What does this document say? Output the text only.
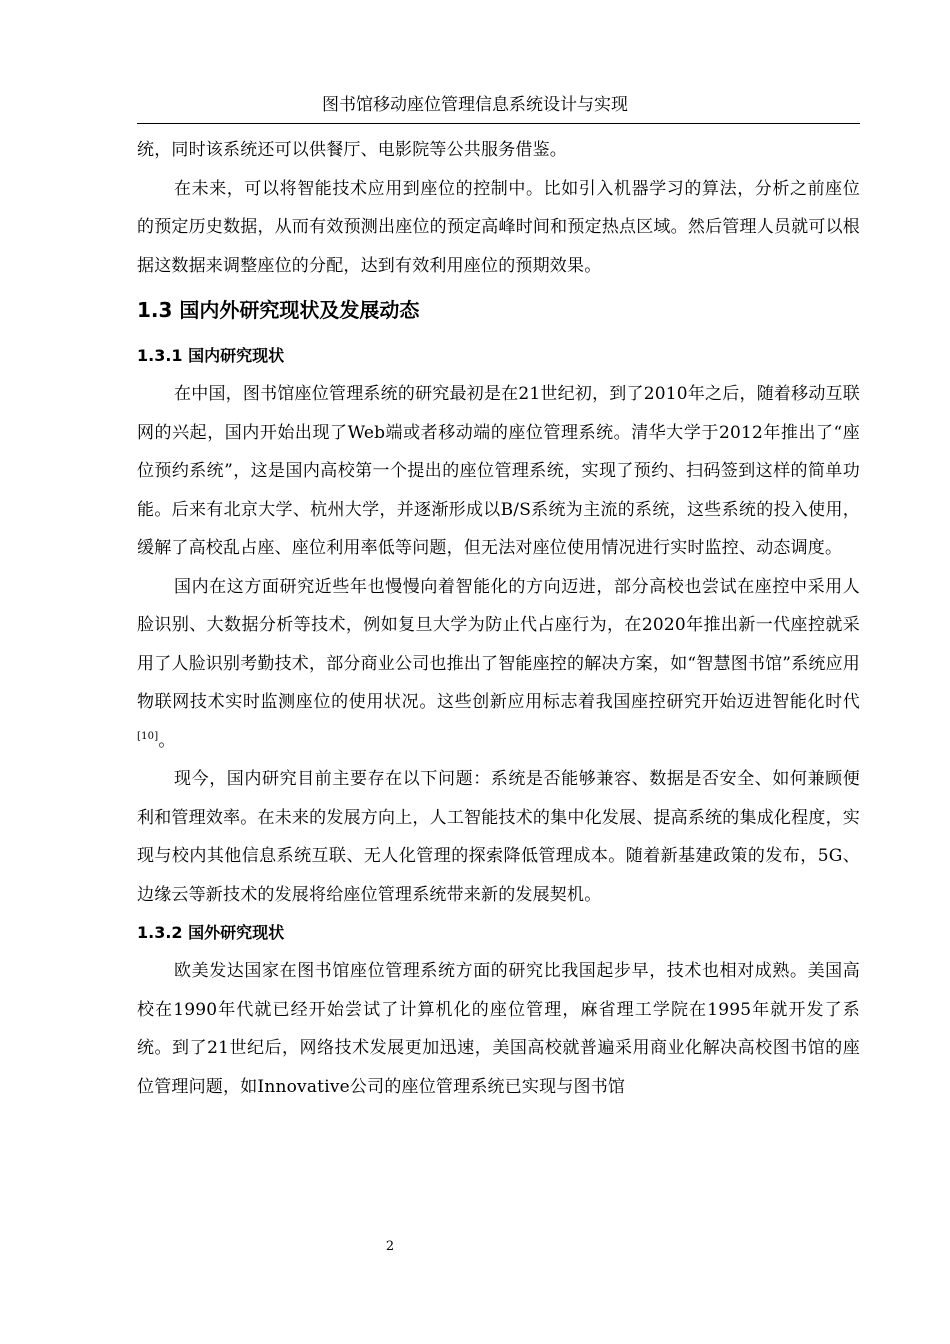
图书馆移动座位管理信息系统设计与实现

统，同时该系统还可以供餐厅、电影院等公共服务借鉴。

在未来，可以将智能技术应用到座位的控制中。比如引入机器学习的算法，分析之前座位的预定历史数据，从而有效预测出座位的预定高峰时间和预定热点区域。然后管理人员就可以根据这数据来调整座位的分配，达到有效利用座位的预期效果。

1.3 国内外研究现状及发展动态
1.3.1 国内研究现状

在中国，图书馆座位管理系统的研究最初是在21世纪初，到了2010年之后，随着移动互联网的兴起，国内开始出现了Web端或者移动端的座位管理系统。清华大学于2012年推出了“座位预约系统”，这是国内高校第一个提出的座位管理系统，实现了预约、扫码签到这样的简单功能。后来有北京大学、杭州大学，并逐渐形成以B/S系统为主流的系统，这些系统的投入使用，缓解了高校乱占座、座位利用率低等问题，但无法对座位使用情况进行实时监控、动态调度。

国内在这方面研究近些年也慢慢向着智能化的方向迈进，部分高校也尝试在座控中采用人脸识别、大数据分析等技术，例如复旦大学为防止代占座行为，在2020年推出新一代座控就采用了人脸识别考勤技术，部分商业公司也推出了智能座控的解决方案，如“智慧图书馆”系统应用物联网技术实时监测座位的使用状况。这些创新应用标志着我国座控研究开始迈进智能化时代[10]。

现今，国内研究目前主要存在以下问题：系统是否能够兼容、数据是否安全、如何兼顾便利和管理效率。在未来的发展方向上，人工智能技术的集中化发展、提高系统的集成化程度，实现与校内其他信息系统互联、无人化管理的探索降低管理成本。随着新基建政策的发布，5G、边缘云等新技术的发展将给座位管理系统带来新的发展契机。

1.3.2 国外研究现状

欧美发达国家在图书馆座位管理系统方面的研究比我国起步早，技术也相对成熟。美国高校在1990年代就已经开始尝试了计算机化的座位管理，麻省理工学院在1995年就开发了系统。到了21世纪后，网络技术发展更加迅速，美国高校就普遍采用商业化解决高校图书馆的座位管理问题，如Innovative公司的座位管理系统已实现与图书馆

2
